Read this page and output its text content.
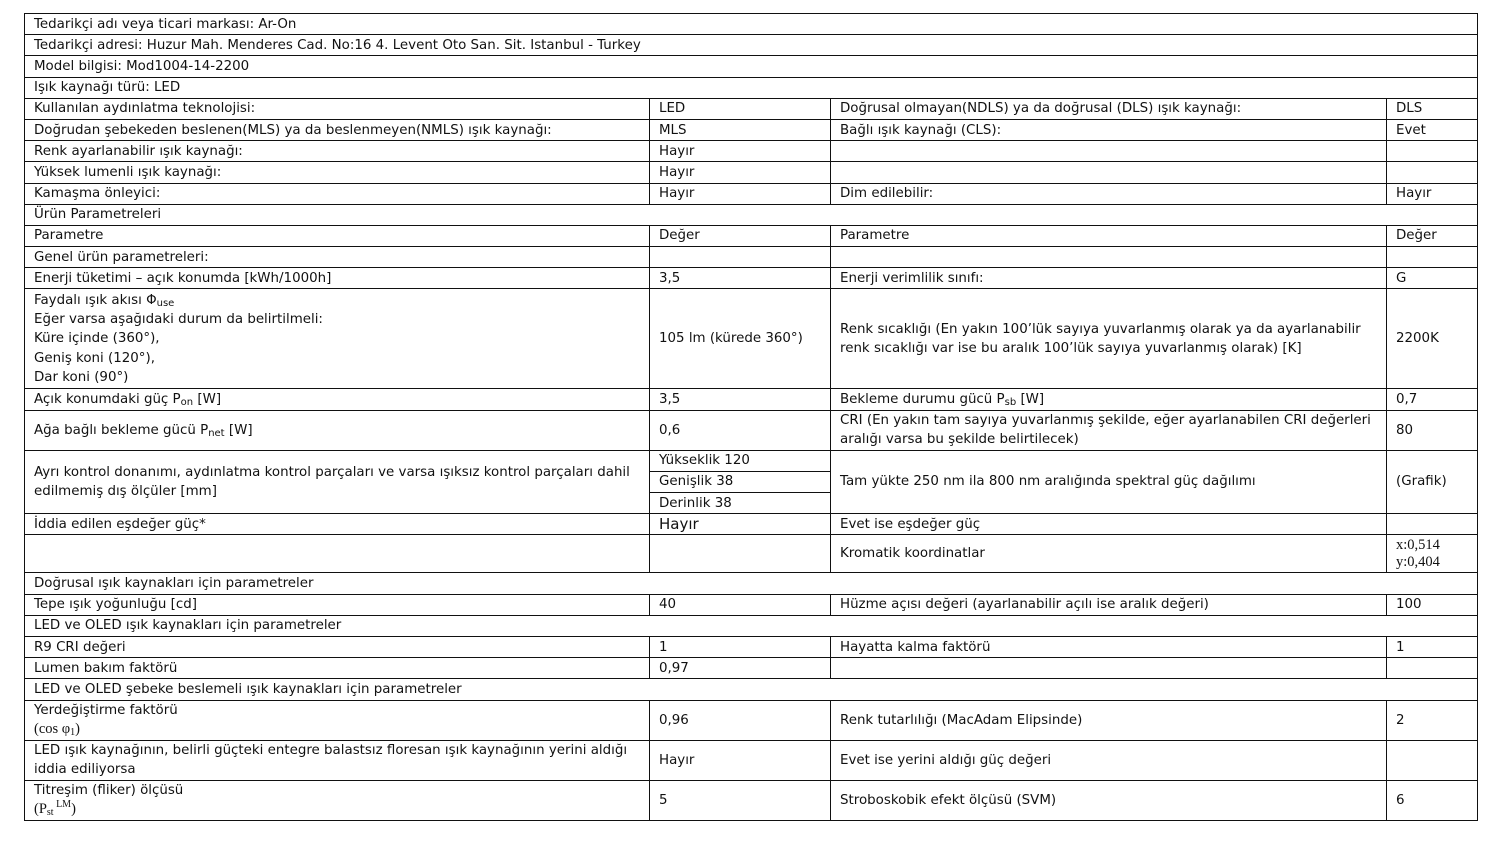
Tedarikçi adı veya ticari markası: Ar-On			
Tedarikçi adresi: Huzur Mah. Menderes Cad. No:16 4. Levent Oto San. Sit. Istanbul - Turkey			
Model bilgisi: Mod1004-14-2200			
Işık kaynağı türü: LED			
Kullanılan aydınlatma teknolojisi:	LED	Doğrusal olmayan(NDLS) ya da doğrusal (DLS) ışık kaynağı:	DLS
Doğrudan şebekeden beslenen(MLS) ya da beslenmeyen(NMLS) ışık kaynağı:	MLS	Bağlı ışık kaynağı (CLS):	Evet
Renk ayarlanabilir ışık kaynağı:	Hayır		
Yüksek lumenli ışık kaynağı:	Hayır		
Kamaşma önleyici:	Hayır	Dim edilebilir:	Hayır
Ürün Parametreleri			
Parametre	Değer	Parametre	Değer
Genel ürün parametreleri:			
Enerji tüketimi – açık konumda [kWh/1000h]	3,5	Enerji verimlilik sınıfı:	G

Faydalı ışık akısı $\Phi_{use}$
Eğer varsa aşağıdaki durum da belirtilmeli:
Küre içinde (360°),
Geniş koni (120°),
Dar koni (90°)	105 lm (kürede 360°)	Renk sıcaklığı (En yakın 100’lük sayıya yuvarlanmış olarak ya da ayarlanabilir
renk sıcaklığı var ise bu aralık 100’lük sayıya yuvarlanmış olarak) [K]	2200K
Açık konumdaki güç $P_{on}$ [W]	3,5	Bekleme durumu gücü $P_{sb}$ [W]	0,7
Ağa bağlı bekleme gücü $P_{net}$ [W]	0,6	CRI (En yakın tam sayıya yuvarlanmış şekilde, eğer ayarlanabilen CRI değerleri
aralığı varsa bu şekilde belirtilecek)	80

Ayrı kontrol donanımı, aydınlatma kontrol parçaları ve varsa ışıksız kontrol parçaları dahil
edilmemiş dış ölçüler [mm]	Yükseklik 120	Tam yükte 250 nm ila 800 nm aralığında spektral güç dağılımı	(Grafik)
	Genişlik 38		
	Derinlik 38		
İddia edilen eşdeğer güç*	Hayır	Evet ise eşdeğer güç	
		Kromatik koordinatlar	x:0,514
y:0,404

Doğrusal ışık kaynakları için parametreler			
Tepe ışık yoğunluğu [cd]	40	Hüzme açısı değeri (ayarlanabilir açılı ise aralık değeri)	100
LED ve OLED ışık kaynakları için parametreler			
R9 CRI değeri	1	Hayatta kalma faktörü	1
Lumen bakım faktörü	0,97		
LED ve OLED şebeke beslemeli ışık kaynakları için parametreler			

Yerdeğiştirme faktörü
(cos $\varphi_1$)	0,96	Renk tutarlılığı (MacAdam Elipsinde)	2

LED ışık kaynağının, belirli güçteki entegre balastsız floresan ışık kaynağının yerini aldığı
iddia ediliyorsa	Hayır	Evet ise yerini aldığı güç değeri	

Titreşim (fliker) ölçüsü
($P_{st}$ $^{LM}$)	5	Stroboskobik efekt ölçüsü (SVM)	6
